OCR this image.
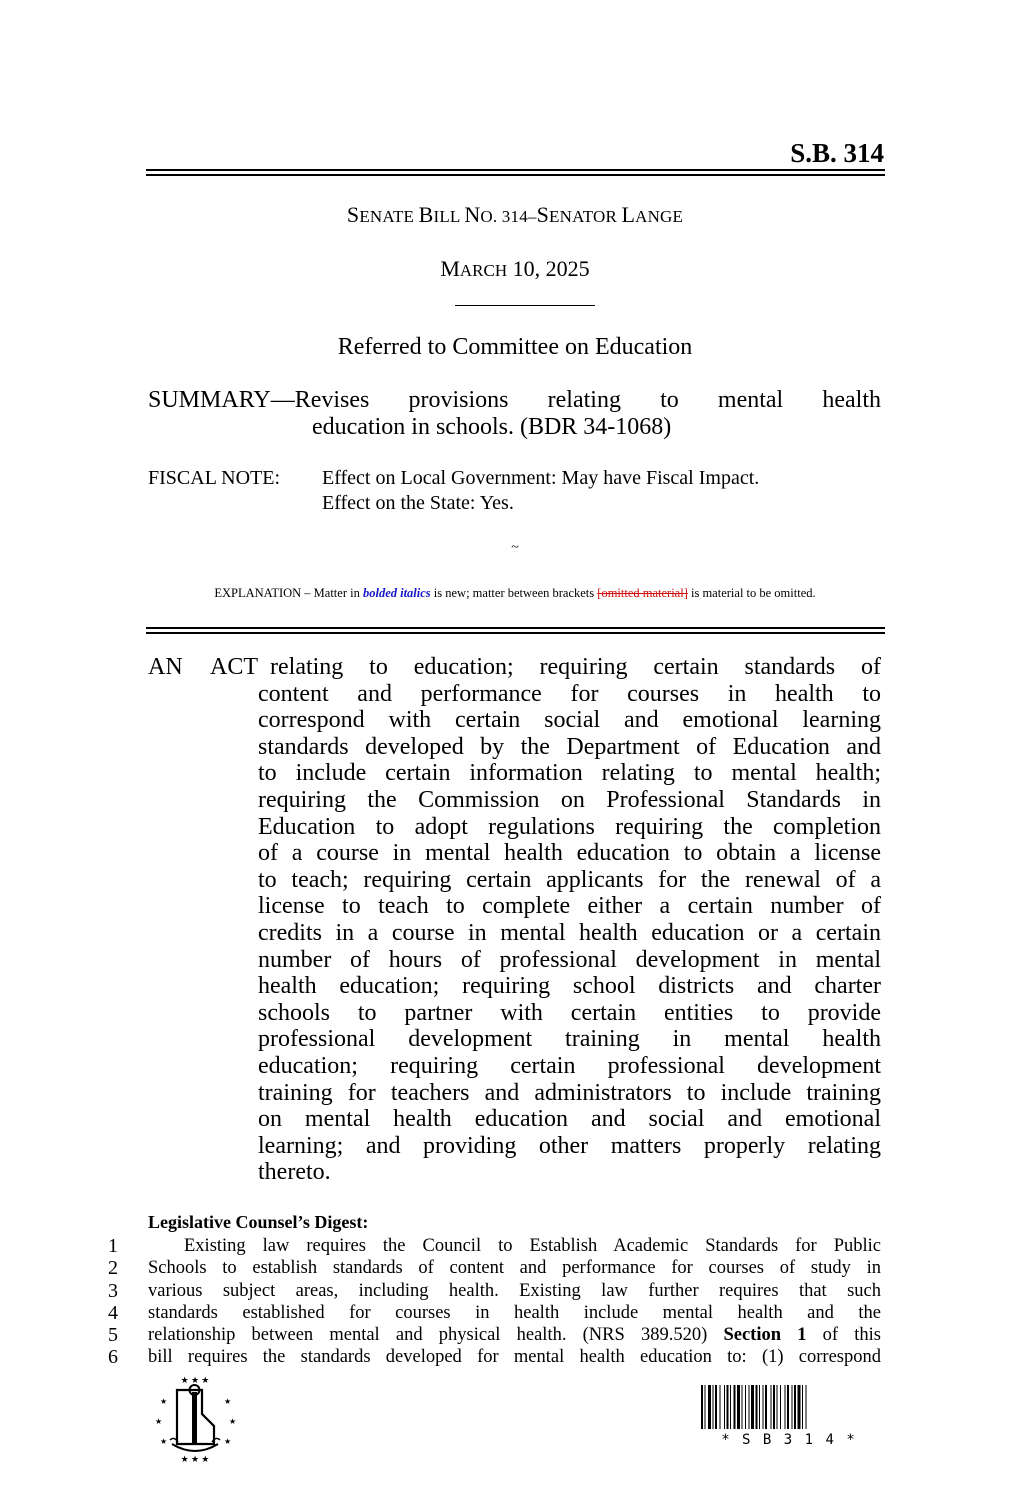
S.B. 314
SENATE BILL NO. 314–SENATOR LANGE
MARCH 10, 2025
Referred to Committee on Education
SUMMARY—Revises provisions relating to mental health
education in schools. (BDR 34-1068)
FISCAL NOTE:	Effect on Local Government: May have Fiscal Impact.
Effect on the State: Yes.
~
EXPLANATION – Matter in bolded italics is new; matter between brackets [omitted material] is material to be omitted.
AN ACT relating to education; requiring certain standards of
content and performance for courses in health to
correspond with certain social and emotional learning
standards developed by the Department of Education and
to include certain information relating to mental health;
requiring the Commission on Professional Standards in
Education to adopt regulations requiring the completion
of a course in mental health education to obtain a license
to teach; requiring certain applicants for the renewal of a
license to teach to complete either a certain number of
credits in a course in mental health education or a certain
number of hours of professional development in mental
health education; requiring school districts and charter
schools to partner with certain entities to provide
professional development training in mental health
education; requiring certain professional development
training for teachers and administrators to include training
on mental health education and social and emotional
learning; and providing other matters properly relating
thereto.
Legislative Counsel’s Digest:
1	Existing law requires the Council to Establish Academic Standards for Public
2	Schools to establish standards of content and performance for courses of study in
3	various subject areas, including health. Existing law further requires that such
4	standards established for courses in health include mental health and the
5	relationship between mental and physical health. (NRS 389.520) Section 1 of this
6	bill requires the standards developed for mental health education to: (1) correspond
★ ★ ★
★	★
★	★
★	★
★ ★ ★
* S B 3 1 4 *
